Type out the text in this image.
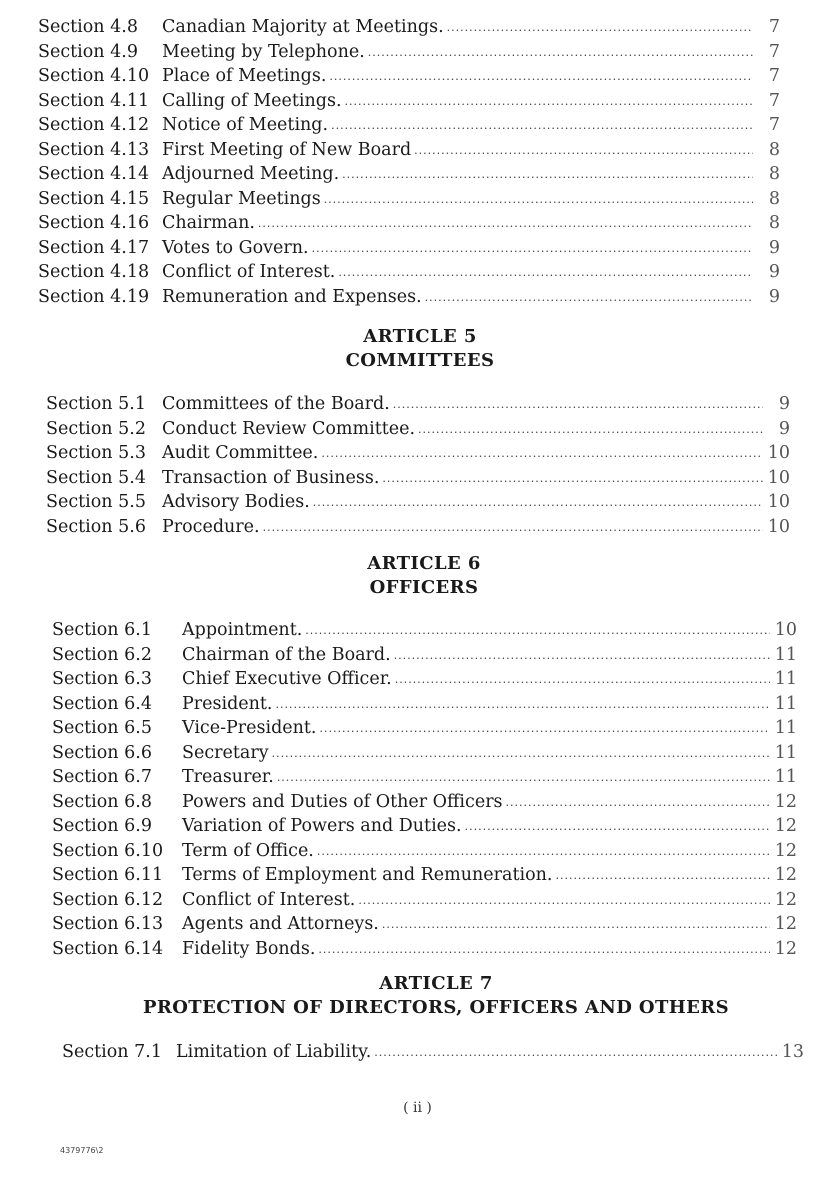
Section 4.8	Canadian Majority at Meetings. .....	7
Section 4.9	Meeting by Telephone. .....	7
Section 4.10 Place of Meetings. .....	7
Section 4.11 Calling of Meetings. .....	7
Section 4.12 Notice of Meeting. .....	7
Section 4.13 First Meeting of New Board .....	8
Section 4.14 Adjourned Meeting. .....	8
Section 4.15 Regular Meetings .....	8
Section 4.16 Chairman. .....	8
Section 4.17 Votes to Govern. .....	9
Section 4.18 Conflict of Interest. .....	9
Section 4.19 Remuneration and Expenses. .....	9
ARTICLE 5
COMMITTEES
Section 5.1 Committees of the Board. .....	9
Section 5.2 Conduct Review Committee. .....	9
Section 5.3 Audit Committee. .....	10
Section 5.4 Transaction of Business. .....	10
Section 5.5 Advisory Bodies. .....	10
Section 5.6 Procedure. .....	10
ARTICLE 6
OFFICERS
Section 6.1	Appointment. .....	10
Section 6.2	Chairman of the Board. .....	11
Section 6.3	Chief Executive Officer. .....	11
Section 6.4	President. .....	11
Section 6.5	Vice-President. .....	11
Section 6.6	Secretary .....	11
Section 6.7	Treasurer. .....	11
Section 6.8	Powers and Duties of Other Officers .....	12
Section 6.9	Variation of Powers and Duties. .....	12
Section 6.10	Term of Office. .....	12
Section 6.11	Terms of Employment and Remuneration. .....	12
Section 6.12	Conflict of Interest. .....	12
Section 6.13	Agents and Attorneys. .....	12
Section 6.14	Fidelity Bonds. .....	12
ARTICLE 7
PROTECTION OF DIRECTORS, OFFICERS AND OTHERS
Section 7.1 Limitation of Liability. .....	13
( ii )
4379776\2
